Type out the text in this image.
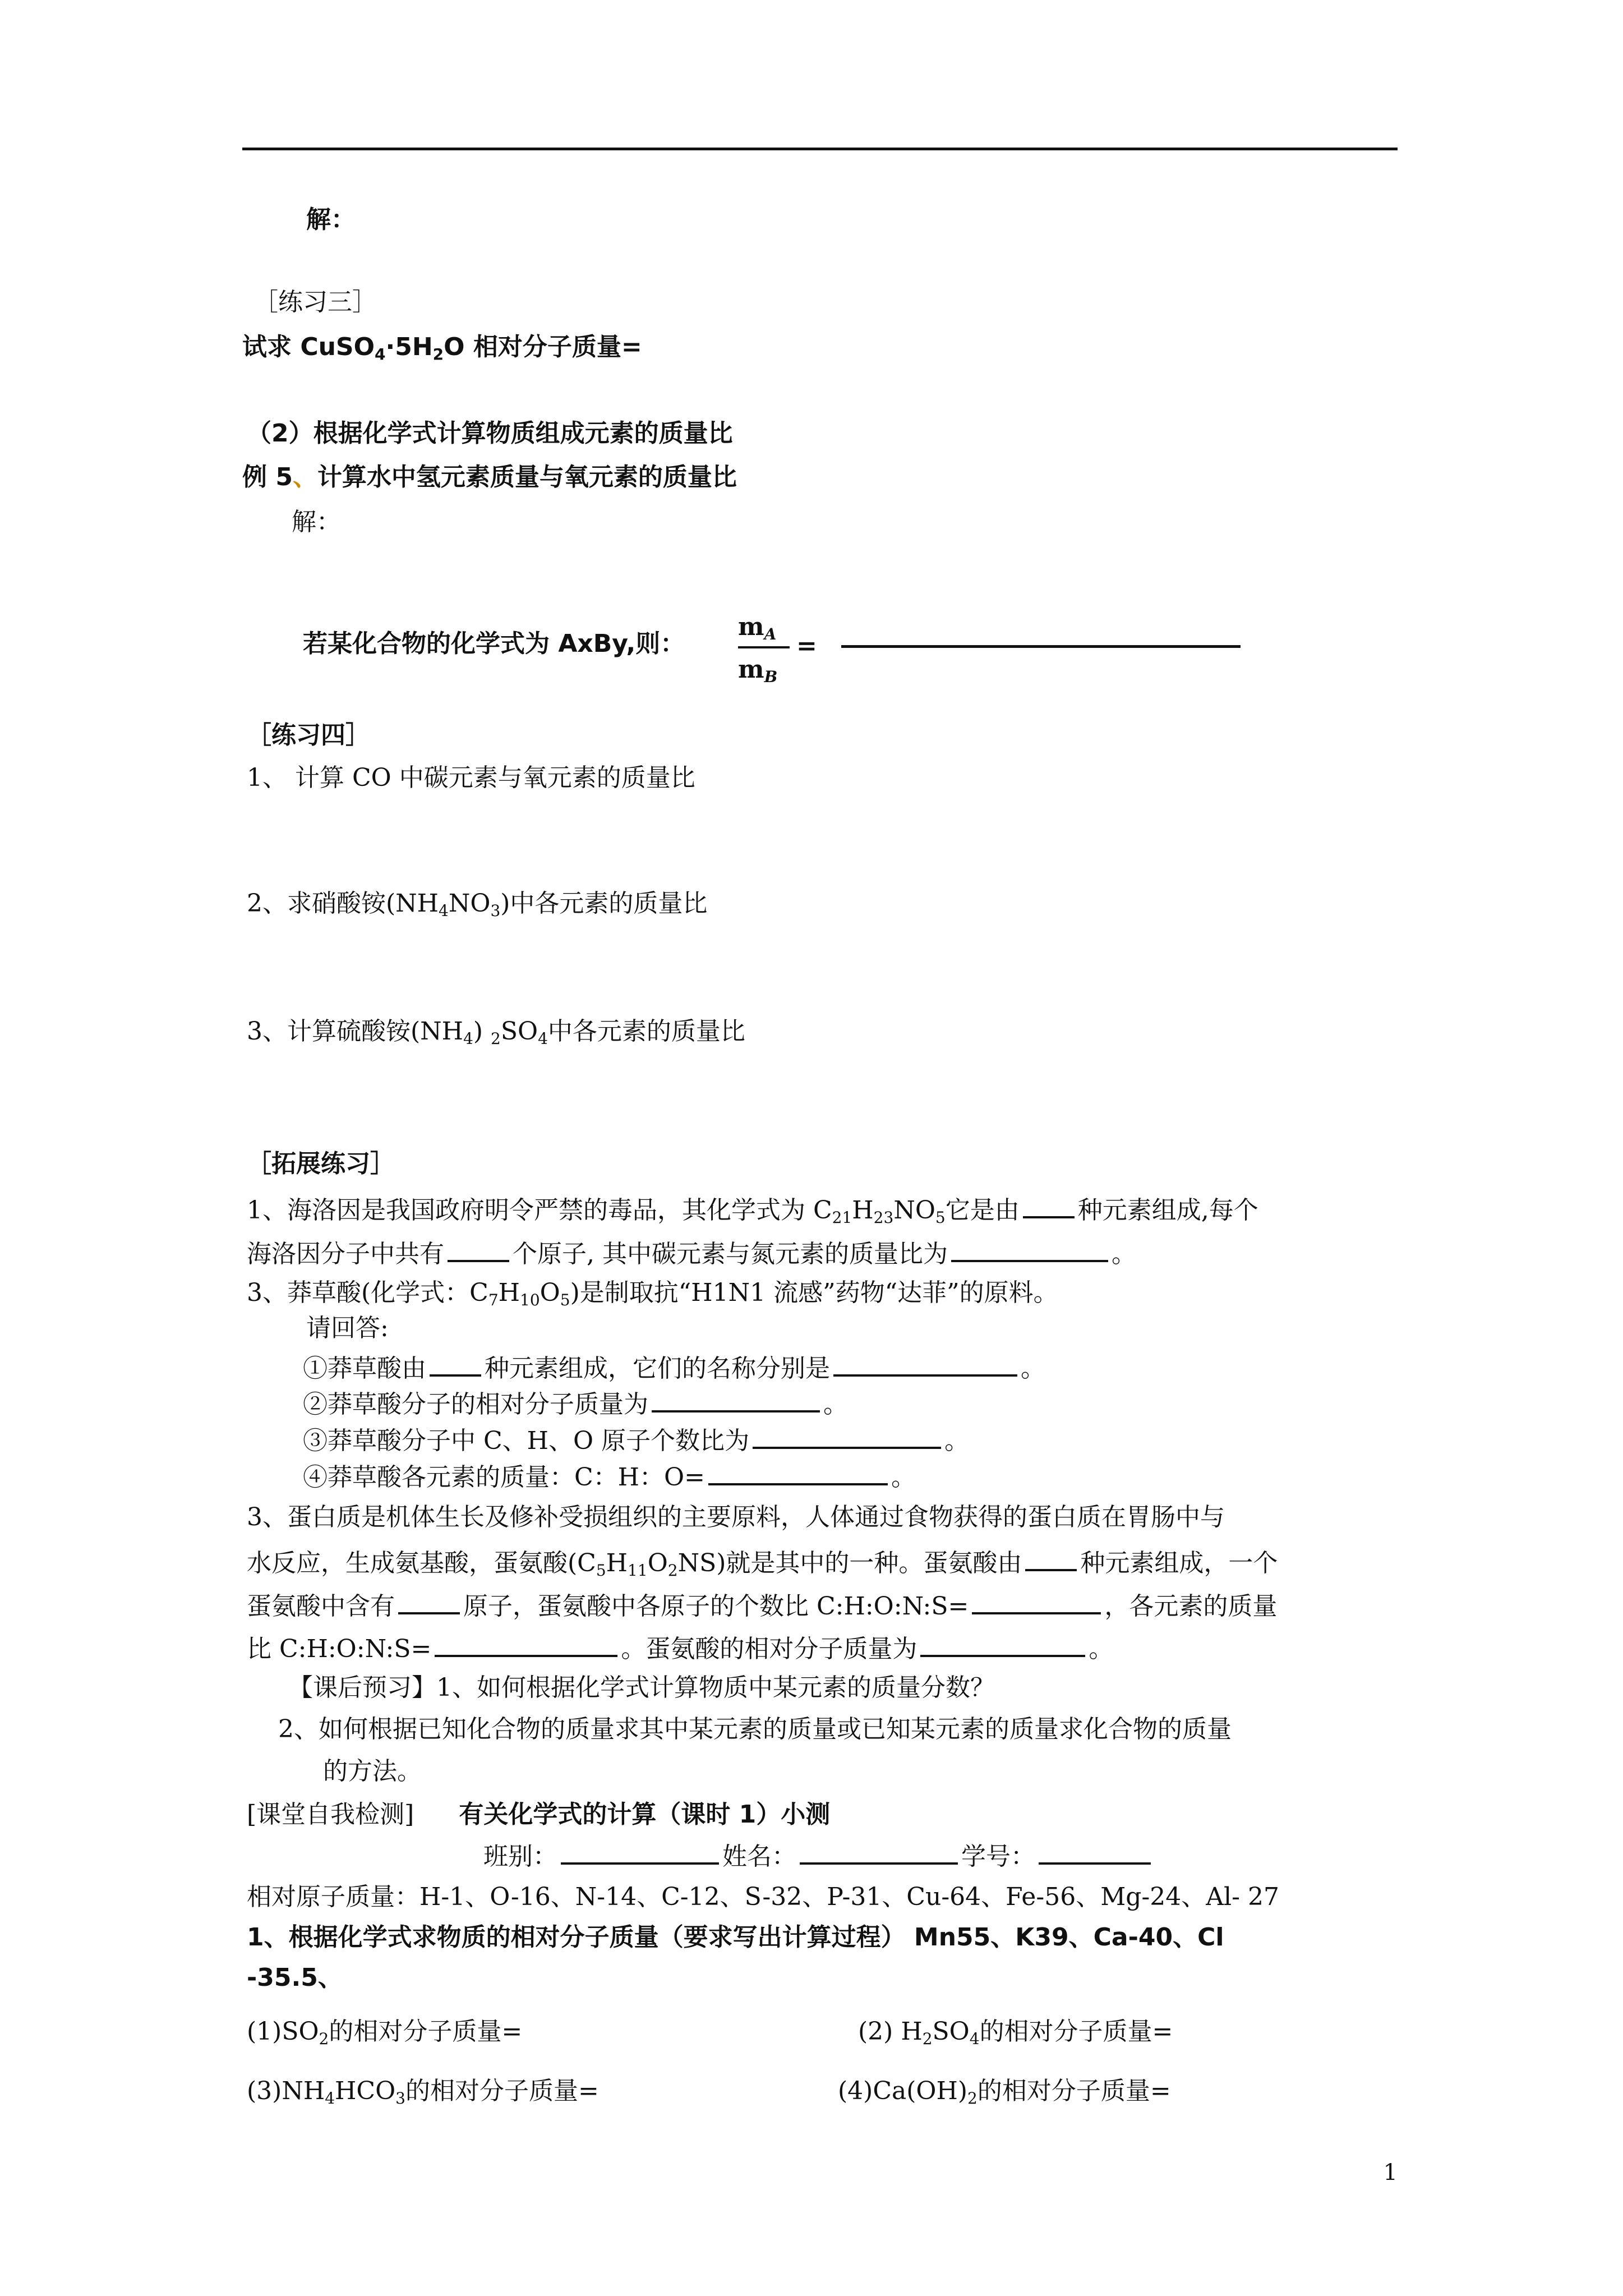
解：
［练习三］
试求 $CuSO_4\cdot 5H_2O$ 相对分子质量=
（2）根据化学式计算物质组成元素的质量比
例 5、计算水中氢元素质量与氧元素的质量比
解：
若某化合物的化学式为 AxBy,则：
$m_A$
$m_B$
=
［练习四］
1、 计算 CO 中碳元素与氧元素的质量比
2、求硝酸铵$(NH_4NO_3)$中各元素的质量比
3、计算硫酸铵$(NH_4)$ $_2SO_4$中各元素的质量比
［拓展练习］
1、海洛因是我国政府明令严禁的毒品，其化学式为 $C_{21}H_{23}NO_5$它是由 种元素组成,每个
海洛因分子中共有	个原子, 其中碳元素与氮元素的质量比为	。
3、莽草酸(化学式：$C_7H_{10}O_5$)是制取抗“H1N1 流感”药物“达菲”的原料。
请回答:
①莽草酸由 种元素组成，它们的名称分别是	。
②莽草酸分子的相对分子质量为	。
③莽草酸分子中 C、H、O 原子个数比为	。
④莽草酸各元素的质量：C：H：O=	。
3、蛋白质是机体生长及修补受损组织的主要原料，人体通过食物获得的蛋白质在胃肠中与
水反应，生成氨基酸，蛋氨酸$(C_5H_{11}O_2NS)$就是其中的一种。蛋氨酸由 种元素组成，一个
蛋氨酸中含有	原子，蛋氨酸中各原子的个数比 C:H:O:N:S=	，各元素的质量
比 C:H:O:N:S=	。蛋氨酸的相对分子质量为	。
【课后预习】1、如何根据化学式计算物质中某元素的质量分数？
2、如何根据已知化合物的质量求其中某元素的质量或已知某元素的质量求化合物的质量
的方法。
[课堂自我检测] 有关化学式的计算（课时 1）小测
班别：	姓名：	学号：
相对原子质量：H-1、O-16、N-14、C-12、S-32、P-31、Cu-64、Fe-56、Mg-24、Al- 27
1、根据化学式求物质的相对分子质量（要求写出计算过程） Mn55、K39、Ca-40、Cl
-35.5、
$(1)SO_2$的相对分子质量=	(2) $H_2SO_4$的相对分子质量=
$(3)NH_4HCO_3$的相对分子质量=	$(4)Ca(OH)_2$的相对分子质量=
1
